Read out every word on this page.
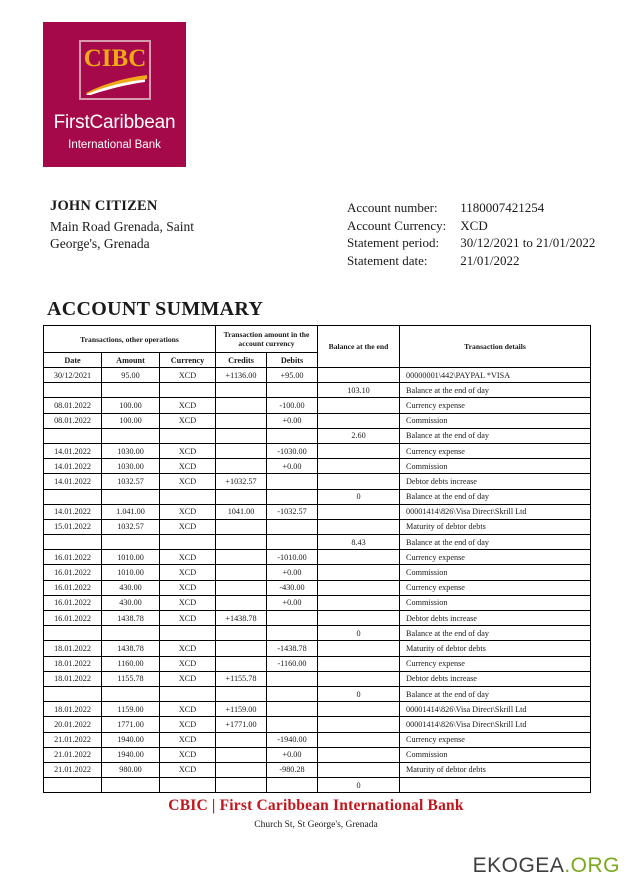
CIBC
FirstCaribbean
International Bank
JOHN CITIZEN
Main Road Grenada, Saint George's, Grenada
Account number:	1180007421254
Account Currency:	XCD
Statement period:	30/12/2021 to 21/01/2022
Statement date:	21/01/2022
ACCOUNT SUMMARY
Transactions, other operations			Transaction amount in the account currency		Balance at the end	Transaction details
Date	Amount	Currency	Credits	Debits		
30/12/2021	95.00	XCD	+1136.00	+95.00		00000001\442\PAYPAL *VISA
					103.10	Balance at the end of day
08.01.2022	100.00	XCD		-100.00		Currency expense
08.01.2022	100.00	XCD		+0.00		Commission
					2.60	Balance at the end of day
14.01.2022	1030.00	XCD		-1030.00		Currency expense
14.01.2022	1030.00	XCD		+0.00		Commission
14.01.2022	1032.57	XCD	+1032.57			Debtor debts increase
					0	Balance at the end of day
14.01.2022	1.041.00	XCD	1041.00	-1032.57		00001414\826\Visa Direct\Skrill Ltd
15.01.2022	1032.57	XCD				Maturity of debtor debts
					8.43	Balance at the end of day
16.01.2022	1010.00	XCD		-1010.00		Currency expense
16.01.2022	1010.00	XCD		+0.00		Commission
16.01.2022	430.00	XCD		-430.00		Currency expense
16.01.2022	430.00	XCD		+0.00		Commission
16.01.2022	1438.78	XCD	+1438.78			Debtor debts increase
					0	Balance at the end of day
18.01.2022	1438.78	XCD		-1438.78		Maturity of debtor debts
18.01.2022	1160.00	XCD		-1160.00		Currency expense
18.01.2022	1155.78	XCD	+1155.78			Debtor debts increase
					0	Balance at the end of day
18.01.2022	1159.00	XCD	+1159.00			00001414\826\Visa Direct\Skrill Ltd
20.01.2022	1771.00	XCD	+1771.00			00001414\826\Visa Direct\Skrill Ltd
21.01.2022	1940.00	XCD		-1940.00		Currency expense
21.01.2022	1940.00	XCD		+0.00		Commission
21.01.2022	980.00	XCD		-980.28		Maturity of debtor debts
					0	
CBIC | First Caribbean International Bank
Church St, St George's, Grenada
EKOGEA.ORG
